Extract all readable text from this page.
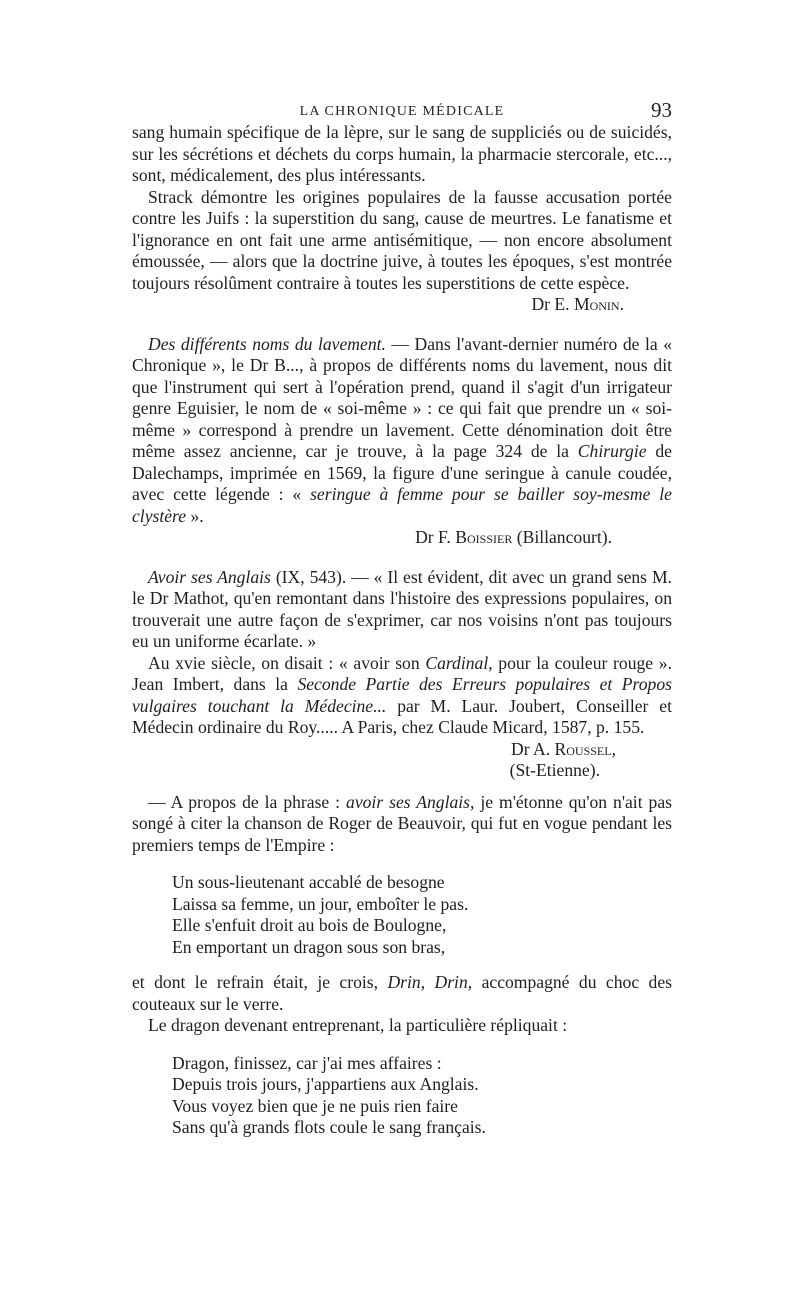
LA CHRONIQUE MÉDICALE	93

sang humain spécifique de la lèpre, sur le sang de suppliciés ou de suicidés, sur les sécrétions et déchets du corps humain, la pharmacie stercorale, etc..., sont, médicalement, des plus intéressants.

Strack démontre les origines populaires de la fausse accusation portée contre les Juifs : la superstition du sang, cause de meurtres. Le fanatisme et l'ignorance en ont fait une arme antisémitique, — non encore absolument émoussée, — alors que la doctrine juive, à toutes les époques, s'est montrée toujours résolûment contraire à toutes les superstitions de cette espèce.

Dr E. Monin.

Des différents noms du lavement. — Dans l'avant-dernier numéro de la « Chronique », le Dr B..., à propos de différents noms du lavement, nous dit que l'instrument qui sert à l'opération prend, quand il s'agit d'un irrigateur genre Eguisier, le nom de « soi-même » : ce qui fait que prendre un « soi-même » correspond à prendre un lavement. Cette dénomination doit être même assez ancienne, car je trouve, à la page 324 de la Chirurgie de Dalechamps, imprimée en 1569, la figure d'une seringue à canule coudée, avec cette légende : « seringue à femme pour se bailler soy-mesme le clystère ».

Dr F. Boissier (Billancourt).

Avoir ses Anglais (IX, 543). — « Il est évident, dit avec un grand sens M. le Dr Mathot, qu'en remontant dans l'histoire des expressions populaires, on trouverait une autre façon de s'exprimer, car nos voisins n'ont pas toujours eu un uniforme écarlate. »

Au xvie siècle, on disait : « avoir son Cardinal, pour la couleur rouge ». Jean Imbert, dans la Seconde Partie des Erreurs populaires et Propos vulgaires touchant la Médecine... par M. Laur. Joubert, Conseiller et Médecin ordinaire du Roy..... A Paris, chez Claude Micard, 1587, p. 155.

Dr A. Roussel,
(St-Etienne).

— A propos de la phrase : avoir ses Anglais, je m'étonne qu'on n'ait pas songé à citer la chanson de Roger de Beauvoir, qui fut en vogue pendant les premiers temps de l'Empire :

Un sous-lieutenant accablé de besogne
Laissa sa femme, un jour, emboîter le pas.
Elle s'enfuit droit au bois de Boulogne,
En emportant un dragon sous son bras,

et dont le refrain était, je crois, Drin, Drin, accompagné du choc des couteaux sur le verre.

Le dragon devenant entreprenant, la particulière répliquait :

Dragon, finissez, car j'ai mes affaires :
Depuis trois jours, j'appartiens aux Anglais.
Vous voyez bien que je ne puis rien faire
Sans qu'à grands flots coule le sang français.
